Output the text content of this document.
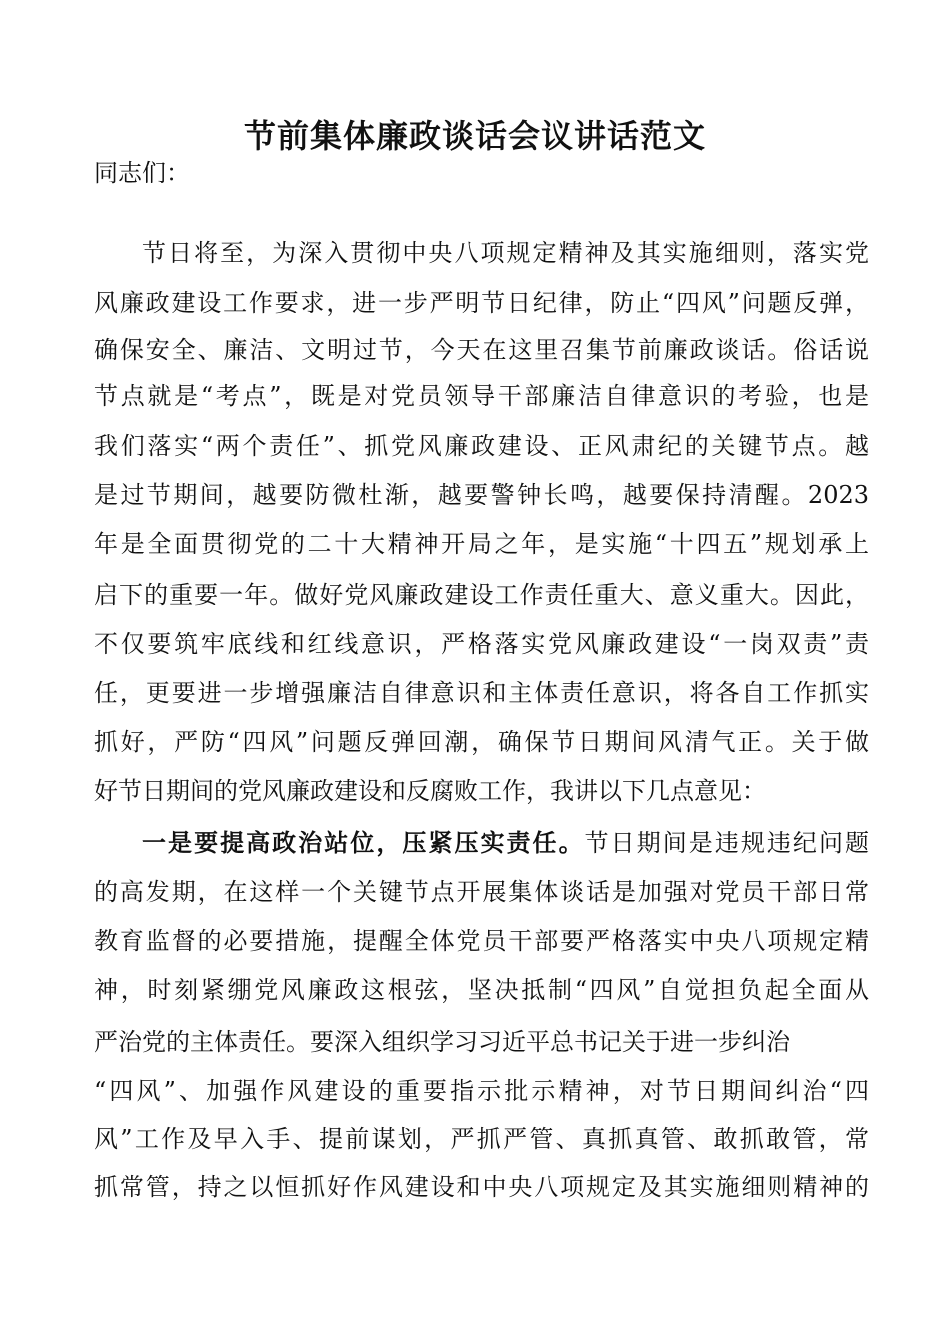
节前集体廉政谈话会议讲话范文

同志们：

节日将至，为深入贯彻中央八项规定精神及其实施细则，落实党

风廉政建设工作要求，进一步严明节日纪律，防止“四风”问题反弹，

确保安全、廉洁、文明过节，今天在这里召集节前廉政谈话。俗话说

节点就是“考点”，既是对党员领导干部廉洁自律意识的考验，也是

我们落实“两个责任”、抓党风廉政建设、正风肃纪的关键节点。越

是过节期间，越要防微杜渐，越要警钟长鸣，越要保持清醒。2023

年是全面贯彻党的二十大精神开局之年，是实施“十四五”规划承上

启下的重要一年。做好党风廉政建设工作责任重大、意义重大。因此，

不仅要筑牢底线和红线意识，严格落实党风廉政建设“一岗双责”责

任，更要进一步增强廉洁自律意识和主体责任意识，将各自工作抓实

抓好，严防“四风”问题反弹回潮，确保节日期间风清气正。关于做

好节日期间的党风廉政建设和反腐败工作，我讲以下几点意见：

一是要提高政治站位，压紧压实责任。节日期间是违规违纪问题

的高发期，在这样一个关键节点开展集体谈话是加强对党员干部日常

教育监督的必要措施，提醒全体党员干部要严格落实中央八项规定精

神，时刻紧绷党风廉政这根弦，坚决抵制“四风”自觉担负起全面从

严治党的主体责任。要深入组织学习习近平总书记关于进一步纠治

“四风”、加强作风建设的重要指示批示精神，对节日期间纠治“四

风”工作及早入手、提前谋划，严抓严管、真抓真管、敢抓敢管，常

抓常管，持之以恒抓好作风建设和中央八项规定及其实施细则精神的
